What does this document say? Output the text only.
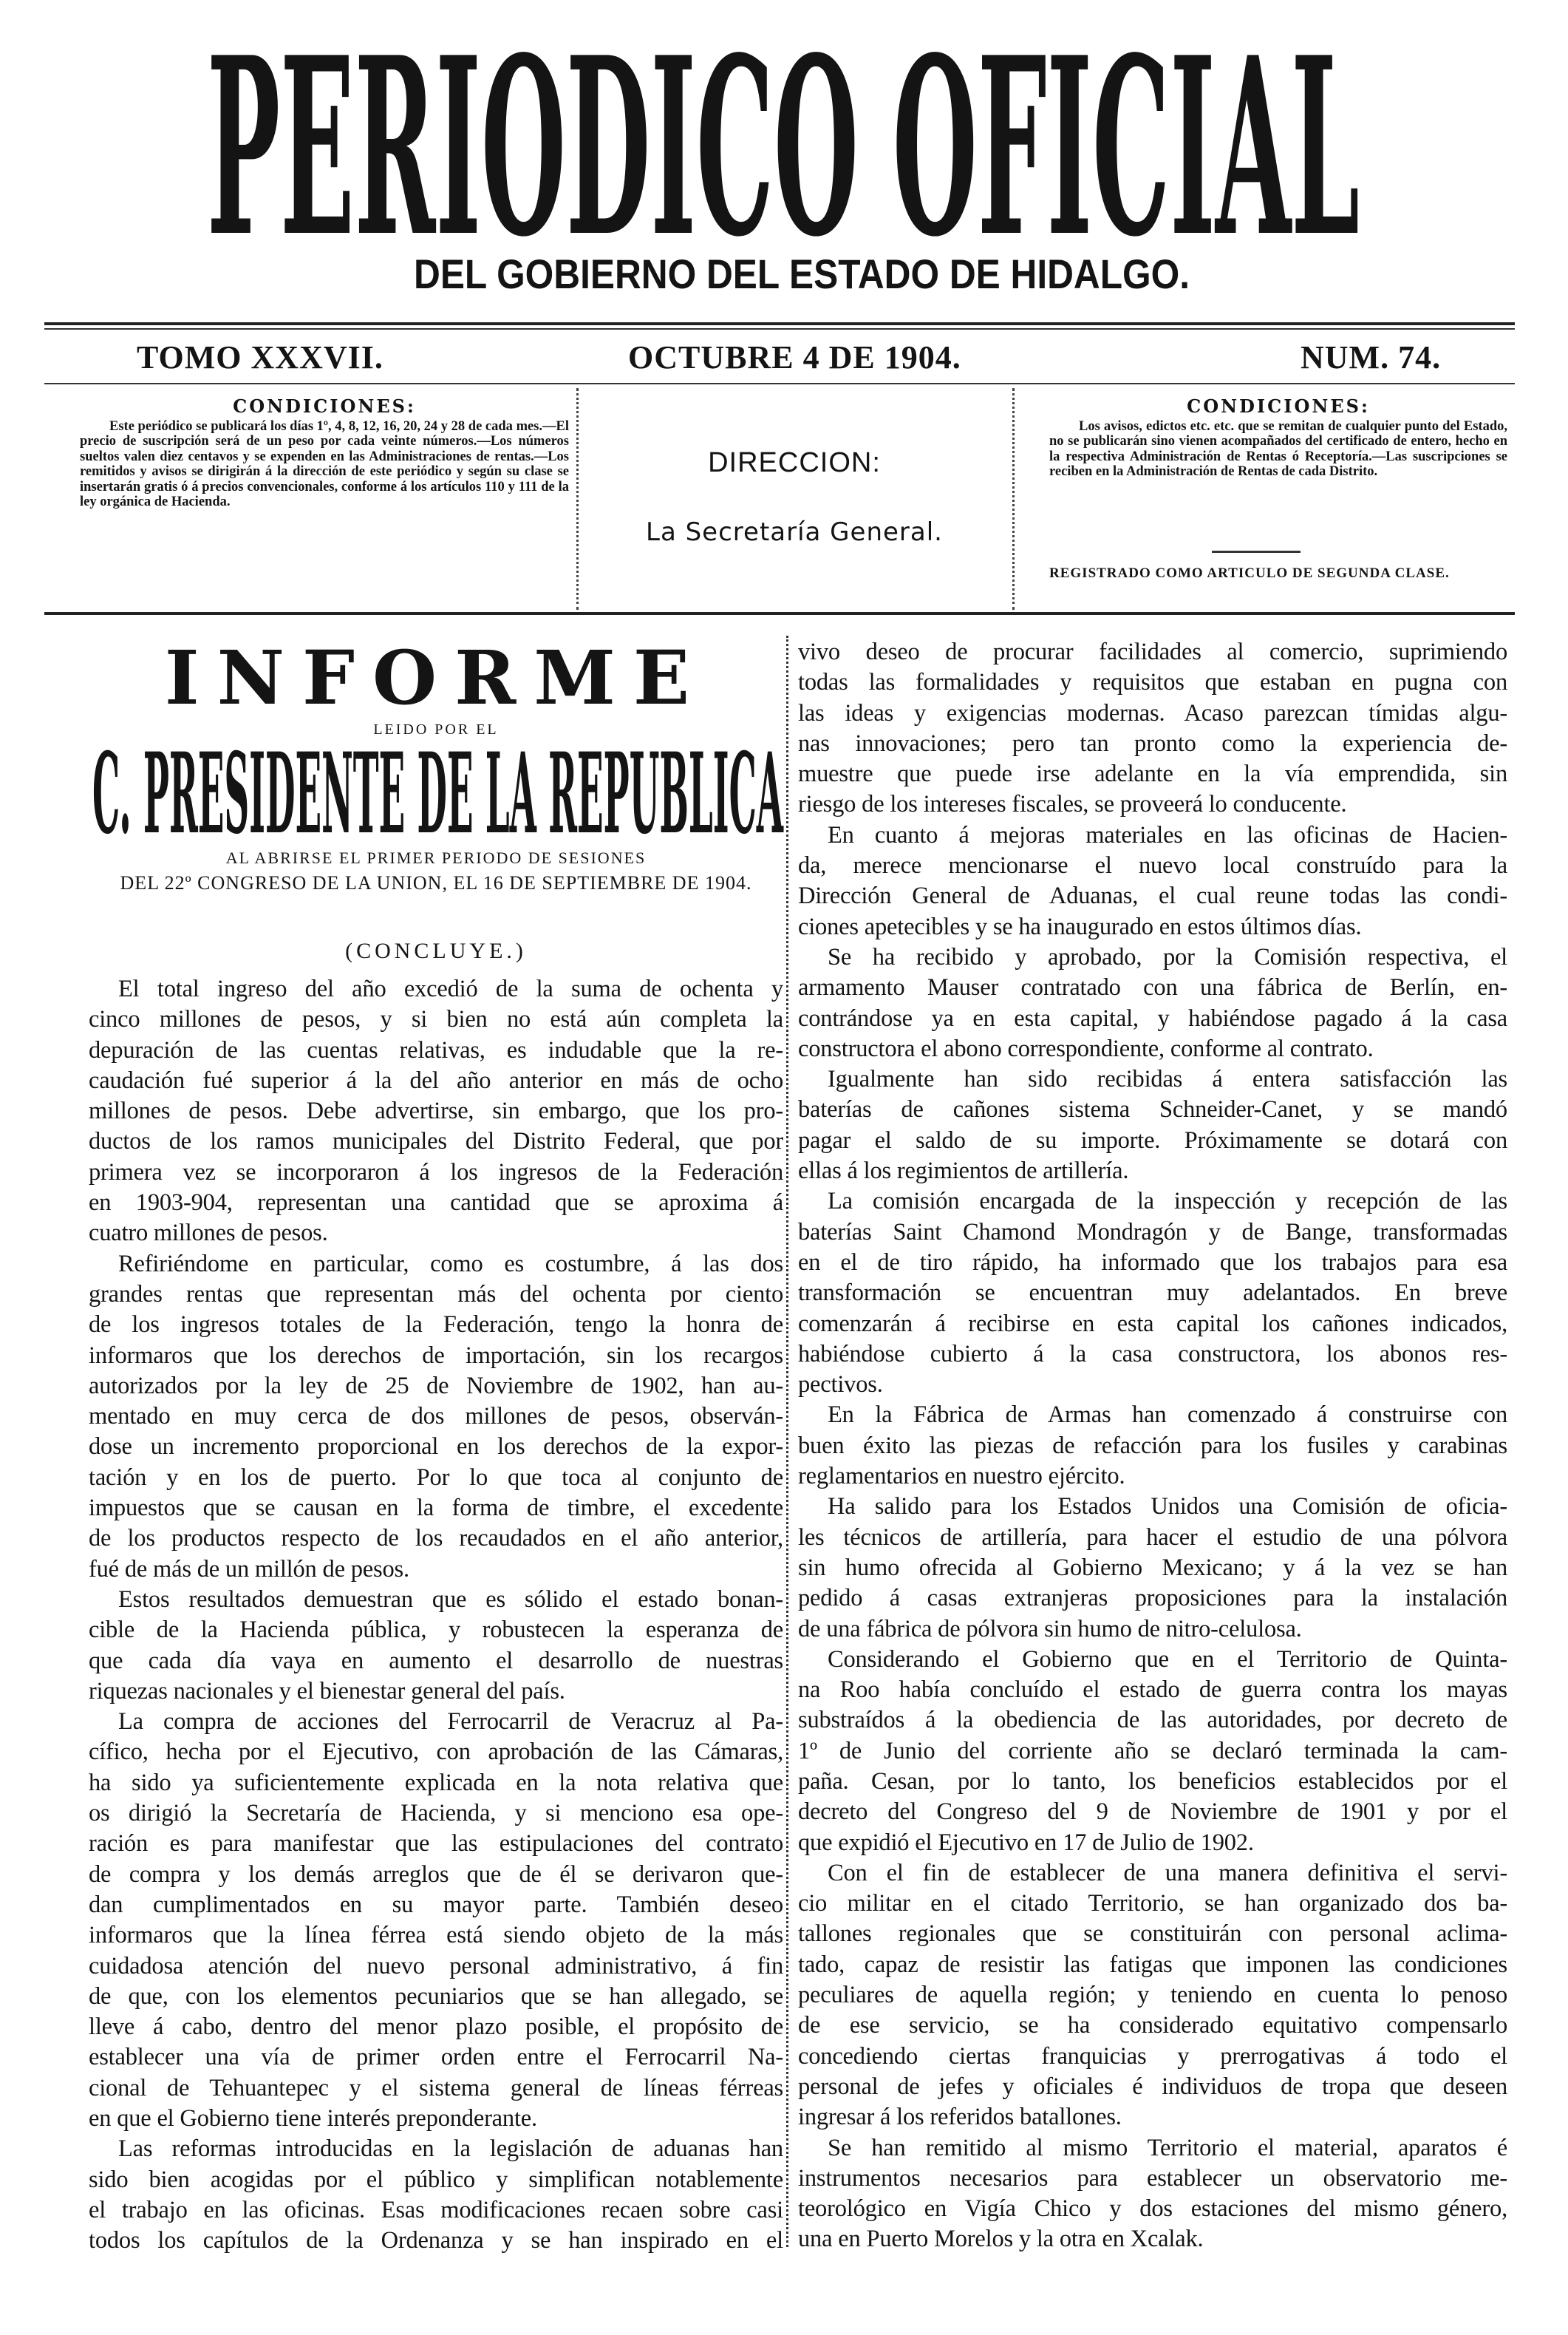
PERIODICO OFICIAL
DEL GOBIERNO DEL ESTADO DE HIDALGO.
TOMO XXXVII.	OCTUBRE 4 DE 1904.	NUM. 74.
CONDICIONES:

Este periódico se publicará los días 1º, 4, 8, 12, 16, 20, 24 y 28 de cada mes.—El precio de suscripción será de un peso por cada veinte números.—Los números sueltos valen diez centavos y se expenden en las Administraciones de rentas.—Los remitidos y avisos se dirigirán á la dirección de este periódico y según su clase se insertarán gratis ó á precios convencionales, conforme á los artículos 110 y 111 de la ley orgánica de Hacienda.

DIRECCION:
La Secretaría General.
CONDICIONES:

Los avisos, edictos etc. etc. que se remitan de cualquier punto del Estado, no se publicarán sino vienen acompañados del certificado de entero, hecho en la respectiva Administración de Rentas ó Receptoría.—Las suscripciones se reciben en la Administración de Rentas de cada Distrito.

REGISTRADO COMO ARTICULO DE SEGUNDA CLASE.
INFORME
LEIDO POR EL
C. PRESIDENTE DE LA REPUBLICA
AL ABRIRSE EL PRIMER PERIODO DE SESIONES
DEL 22º CONGRESO DE LA UNION, EL 16 DE SEPTIEMBRE DE 1904.
(CONCLUYE.)
El total ingreso del año excedió de la suma de ochenta y
cinco millones de pesos, y si bien no está aún completa la
depuración de las cuentas relativas, es indudable que la re-
caudación fué superior á la del año anterior en más de ocho
millones de pesos. Debe advertirse, sin embargo, que los pro-
ductos de los ramos municipales del Distrito Federal, que por
primera vez se incorporaron á los ingresos de la Federación
en 1903-904, representan una cantidad que se aproxima á
cuatro millones de pesos.
Refiriéndome en particular, como es costumbre, á las dos
grandes rentas que representan más del ochenta por ciento
de los ingresos totales de la Federación, tengo la honra de
informaros que los derechos de importación, sin los recargos
autorizados por la ley de 25 de Noviembre de 1902, han au-
mentado en muy cerca de dos millones de pesos, observán-
dose un incremento proporcional en los derechos de la expor-
tación y en los de puerto. Por lo que toca al conjunto de
impuestos que se causan en la forma de timbre, el excedente
de los productos respecto de los recaudados en el año anterior,
fué de más de un millón de pesos.
Estos resultados demuestran que es sólido el estado bonan-
cible de la Hacienda pública, y robustecen la esperanza de
que cada día vaya en aumento el desarrollo de nuestras
riquezas nacionales y el bienestar general del país.
La compra de acciones del Ferrocarril de Veracruz al Pa-
cífico, hecha por el Ejecutivo, con aprobación de las Cámaras,
ha sido ya suficientemente explicada en la nota relativa que
os dirigió la Secretaría de Hacienda, y si menciono esa ope-
ración es para manifestar que las estipulaciones del contrato
de compra y los demás arreglos que de él se derivaron que-
dan cumplimentados en su mayor parte. También deseo
informaros que la línea férrea está siendo objeto de la más
cuidadosa atención del nuevo personal administrativo, á fin
de que, con los elementos pecuniarios que se han allegado, se
lleve á cabo, dentro del menor plazo posible, el propósito de
establecer una vía de primer orden entre el Ferrocarril Na-
cional de Tehuantepec y el sistema general de líneas férreas
en que el Gobierno tiene interés preponderante.
Las reformas introducidas en la legislación de aduanas han
sido bien acogidas por el público y simplifican notablemente
el trabajo en las oficinas. Esas modificaciones recaen sobre casi
todos los capítulos de la Ordenanza y se han inspirado en el
vivo deseo de procurar facilidades al comercio, suprimiendo
todas las formalidades y requisitos que estaban en pugna con
las ideas y exigencias modernas. Acaso parezcan tímidas algu-
nas innovaciones; pero tan pronto como la experiencia de-
muestre que puede irse adelante en la vía emprendida, sin
riesgo de los intereses fiscales, se proveerá lo conducente.
En cuanto á mejoras materiales en las oficinas de Hacien-
da, merece mencionarse el nuevo local construído para la
Dirección General de Aduanas, el cual reune todas las condi-
ciones apetecibles y se ha inaugurado en estos últimos días.
Se ha recibido y aprobado, por la Comisión respectiva, el
armamento Mauser contratado con una fábrica de Berlín, en-
contrándose ya en esta capital, y habiéndose pagado á la casa
constructora el abono correspondiente, conforme al contrato.
Igualmente han sido recibidas á entera satisfacción las
baterías de cañones sistema Schneider-Canet, y se mandó
pagar el saldo de su importe. Próximamente se dotará con
ellas á los regimientos de artillería.
La comisión encargada de la inspección y recepción de las
baterías Saint Chamond Mondragón y de Bange, transformadas
en el de tiro rápido, ha informado que los trabajos para esa
transformación se encuentran muy adelantados. En breve
comenzarán á recibirse en esta capital los cañones indicados,
habiéndose cubierto á la casa constructora, los abonos res-
pectivos.
En la Fábrica de Armas han comenzado á construirse con
buen éxito las piezas de refacción para los fusiles y carabinas
reglamentarios en nuestro ejército.
Ha salido para los Estados Unidos una Comisión de oficia-
les técnicos de artillería, para hacer el estudio de una pólvora
sin humo ofrecida al Gobierno Mexicano; y á la vez se han
pedido á casas extranjeras proposiciones para la instalación
de una fábrica de pólvora sin humo de nitro-celulosa.
Considerando el Gobierno que en el Territorio de Quinta-
na Roo había concluído el estado de guerra contra los mayas
substraídos á la obediencia de las autoridades, por decreto de
1º de Junio del corriente año se declaró terminada la cam-
paña. Cesan, por lo tanto, los beneficios establecidos por el
decreto del Congreso del 9 de Noviembre de 1901 y por el
que expidió el Ejecutivo en 17 de Julio de 1902.
Con el fin de establecer de una manera definitiva el servi-
cio militar en el citado Territorio, se han organizado dos ba-
tallones regionales que se constituirán con personal aclima-
tado, capaz de resistir las fatigas que imponen las condiciones
peculiares de aquella región; y teniendo en cuenta lo penoso
de ese servicio, se ha considerado equitativo compensarlo
concediendo ciertas franquicias y prerrogativas á todo el
personal de jefes y oficiales é individuos de tropa que deseen
ingresar á los referidos batallones.
Se han remitido al mismo Territorio el material, aparatos é
instrumentos necesarios para establecer un observatorio me-
teorológico en Vigía Chico y dos estaciones del mismo género,
una en Puerto Morelos y la otra en Xcalak.
